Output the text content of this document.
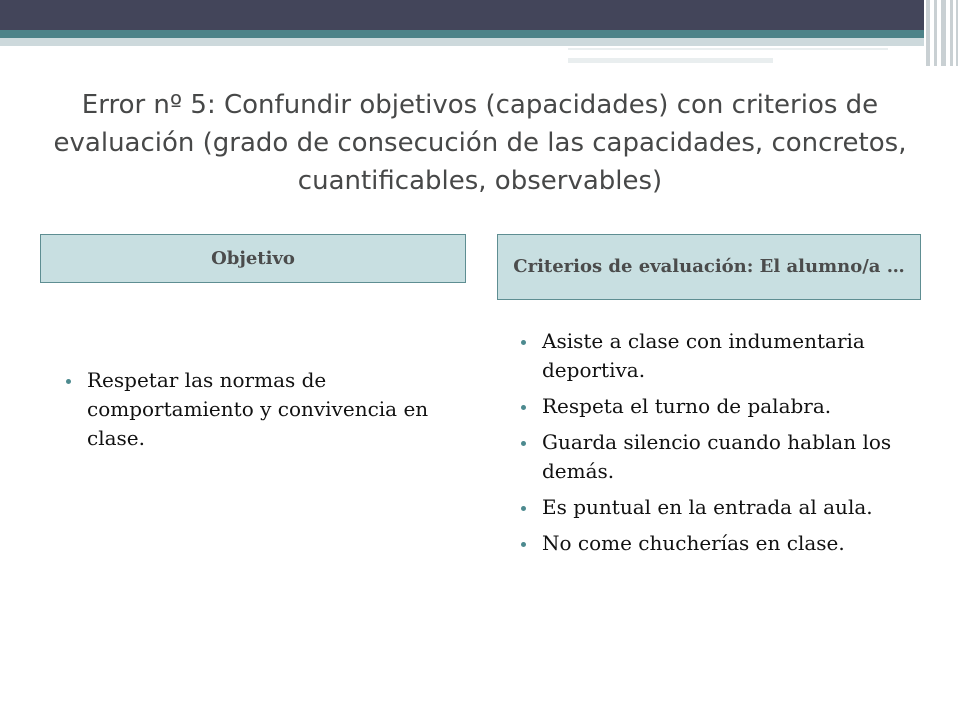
Error nº 5: Confundir objetivos (capacidades) con criterios de evaluación (grado de consecución de las capacidades, concretos, cuantificables, observables)
Objetivo	Criterios de evaluación: El alumno/a …
Respetar las normas de comportamiento y convivencia en clase.
Asiste a clase con indumentaria deportiva.
Respeta el turno de palabra.
Guarda silencio cuando hablan los demás.
Es puntual en la entrada al aula.
No come chucherías en clase.
